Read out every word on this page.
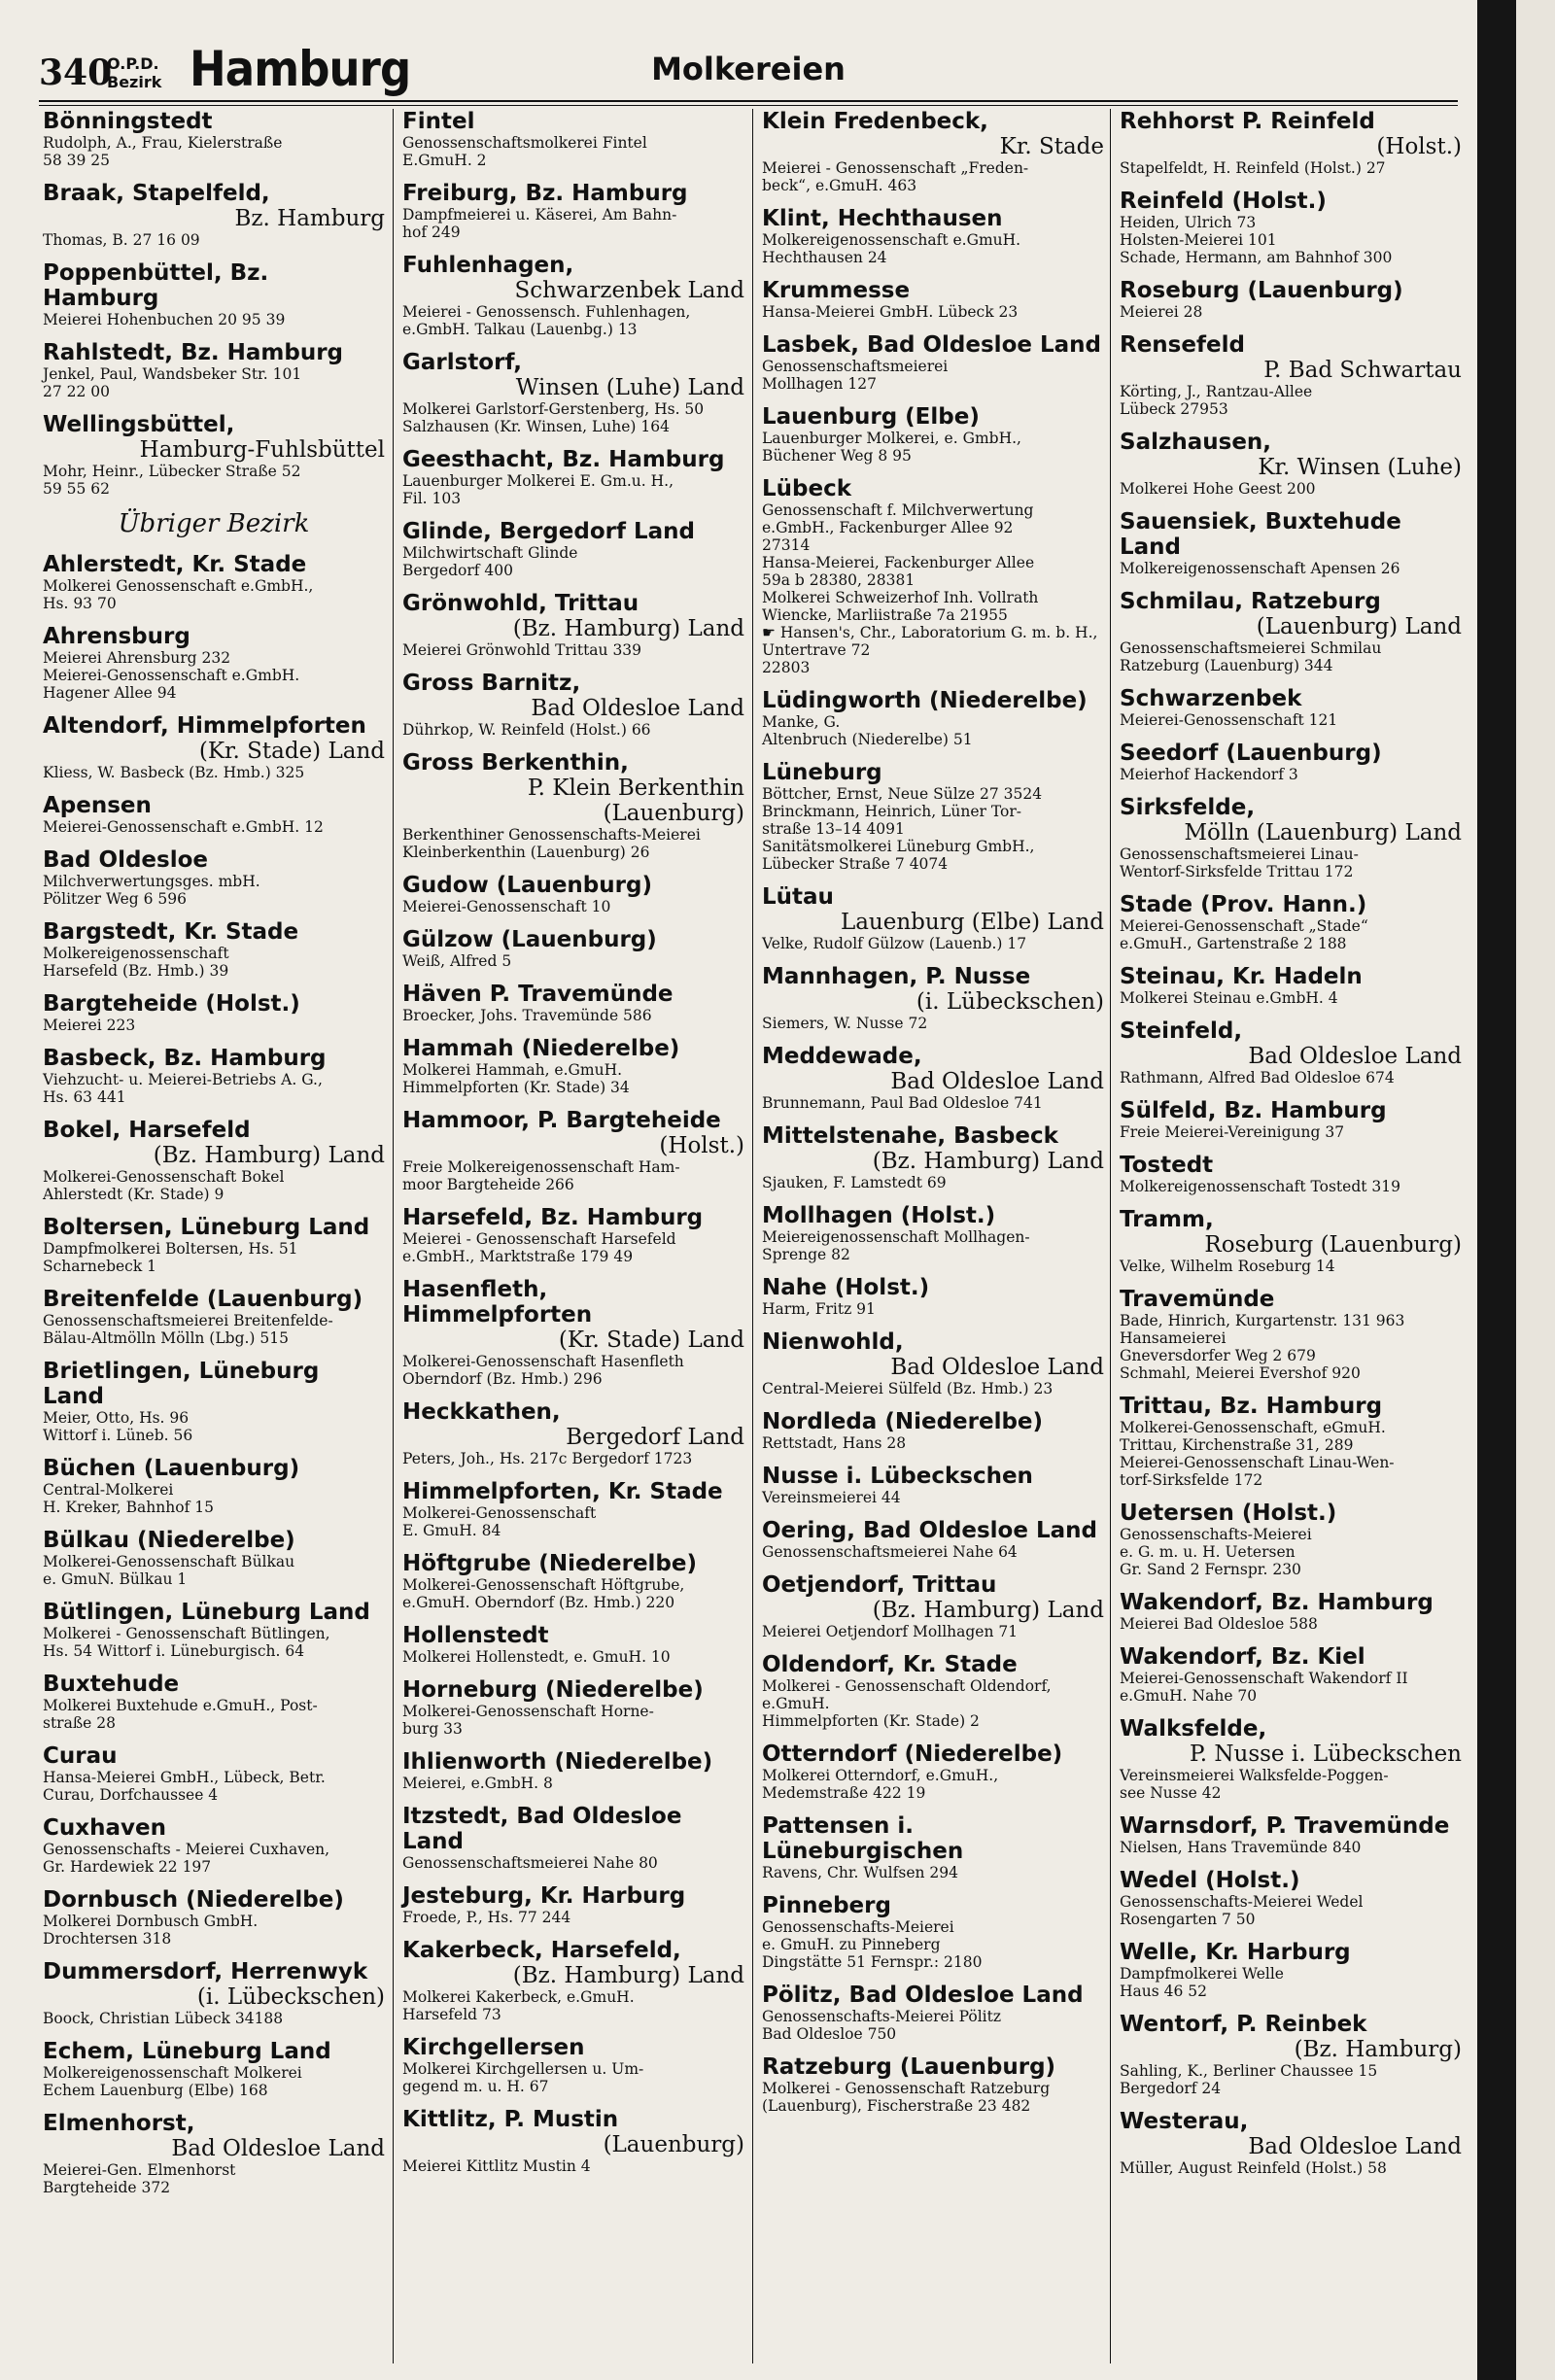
340
O.P.D.
Bezirk Hamburg	Molkereien
Bönningstedt
Rudolph, A., Frau, Kielerstraße
58 39 25
Braak, Stapelfeld,
Bz. Hamburg
Thomas, B. 27 16 09
Poppenbüttel, Bz. Hamburg
Meierei Hohenbuchen 20 95 39
Rahlstedt, Bz. Hamburg
Jenkel, Paul, Wandsbeker Str. 101
27 22 00
Wellingsbüttel,
Hamburg-Fuhlsbüttel
Mohr, Heinr., Lübecker Straße 52
59 55 62
Übriger Bezirk
Ahlerstedt, Kr. Stade
Molkerei Genossenschaft e.GmbH.,
Hs. 93 70
Ahrensburg
Meierei Ahrensburg 232
Meierei-Genossenschaft e.GmbH.
Hagener Allee 94
Altendorf, Himmelpforten
(Kr. Stade) Land
Kliess, W. Basbeck (Bz. Hmb.) 325
Apensen
Meierei-Genossenschaft e.GmbH. 12
Bad Oldesloe
Milchverwertungsges. mbH.
Pölitzer Weg 6 596
Bargstedt, Kr. Stade
Molkereigenossenschaft
Harsefeld (Bz. Hmb.) 39
Bargteheide (Holst.)
Meierei 223
Basbeck, Bz. Hamburg
Viehzucht- u. Meierei-Betriebs A. G.,
Hs. 63 441
Bokel, Harsefeld
(Bz. Hamburg) Land
Molkerei-Genossenschaft Bokel
Ahlerstedt (Kr. Stade) 9
Boltersen, Lüneburg Land
Dampfmolkerei Boltersen, Hs. 51
Scharnebeck 1
Breitenfelde (Lauenburg)
Genossenschaftsmeierei Breitenfelde-
Bälau-Altmölln Mölln (Lbg.) 515
Brietlingen, Lüneburg Land
Meier, Otto, Hs. 96
Wittorf i. Lüneb. 56
Büchen (Lauenburg)
Central-Molkerei
H. Kreker, Bahnhof 15
Bülkau (Niederelbe)
Molkerei-Genossenschaft Bülkau
e. GmuN. Bülkau 1
Bütlingen, Lüneburg Land
Molkerei - Genossenschaft Bütlingen,
Hs. 54 Wittorf i. Lüneburgisch. 64
Buxtehude
Molkerei Buxtehude e.GmuH., Post-
straße 28
Curau
Hansa-Meierei GmbH., Lübeck, Betr.
Curau, Dorfchaussee 4
Cuxhaven
Genossenschafts - Meierei Cuxhaven,
Gr. Hardewiek 22 197
Dornbusch (Niederelbe)
Molkerei Dornbusch GmbH.
Drochtersen 318
Dummersdorf, Herrenwyk
(i. Lübeckschen)
Boock, Christian Lübeck 34188
Echem, Lüneburg Land
Molkereigenossenschaft Molkerei
Echem Lauenburg (Elbe) 168
Elmenhorst,
Bad Oldesloe Land
Meierei-Gen. Elmenhorst
Bargteheide 372
Fintel
Genossenschaftsmolkerei Fintel
E.GmuH. 2
Freiburg, Bz. Hamburg
Dampfmeierei u. Käserei, Am Bahn-
hof 249
Fuhlenhagen,
Schwarzenbek Land
Meierei - Genossensch. Fuhlenhagen,
e.GmbH. Talkau (Lauenbg.) 13
Garlstorf,
Winsen (Luhe) Land
Molkerei Garlstorf-Gerstenberg, Hs. 50
Salzhausen (Kr. Winsen, Luhe) 164
Geesthacht, Bz. Hamburg
Lauenburger Molkerei E. Gm.u. H.,
Fil. 103
Glinde, Bergedorf Land
Milchwirtschaft Glinde
Bergedorf 400
Grönwohld, Trittau
(Bz. Hamburg) Land
Meierei Grönwohld Trittau 339
Gross Barnitz,
Bad Oldesloe Land
Dührkop, W. Reinfeld (Holst.) 66
Gross Berkenthin,
P. Klein Berkenthin (Lauenburg)
Berkenthiner Genossenschafts-Meierei
Kleinberkenthin (Lauenburg) 26
Gudow (Lauenburg)
Meierei-Genossenschaft 10
Gülzow (Lauenburg)
Weiß, Alfred 5
Häven P. Travemünde
Broecker, Johs. Travemünde 586
Hammah (Niederelbe)
Molkerei Hammah, e.GmuH.
Himmelpforten (Kr. Stade) 34
Hammoor, P. Bargteheide
(Holst.)
Freie Molkereigenossenschaft Ham-
moor Bargteheide 266
Harsefeld, Bz. Hamburg
Meierei - Genossenschaft Harsefeld
e.GmbH., Marktstraße 179 49
Hasenfleth, Himmelpforten
(Kr. Stade) Land
Molkerei-Genossenschaft Hasenfleth
Oberndorf (Bz. Hmb.) 296
Heckkathen,
Bergedorf Land
Peters, Joh., Hs. 217c Bergedorf 1723
Himmelpforten, Kr. Stade
Molkerei-Genossenschaft
E. GmuH. 84
Höftgrube (Niederelbe)
Molkerei-Genossenschaft Höftgrube,
e.GmuH. Oberndorf (Bz. Hmb.) 220
Hollenstedt
Molkerei Hollenstedt, e. GmuH. 10
Horneburg (Niederelbe)
Molkerei-Genossenschaft Horne-
burg 33
Ihlienworth (Niederelbe)
Meierei, e.GmbH. 8
Itzstedt, Bad Oldesloe Land
Genossenschaftsmeierei Nahe 80
Jesteburg, Kr. Harburg
Froede, P., Hs. 77 244
Kakerbeck, Harsefeld,
(Bz. Hamburg) Land
Molkerei Kakerbeck, e.GmuH.
Harsefeld 73
Kirchgellersen
Molkerei Kirchgellersen u. Um-
gegend m. u. H. 67
Kittlitz, P. Mustin
(Lauenburg)
Meierei Kittlitz Mustin 4
Klein Fredenbeck,
Kr. Stade
Meierei - Genossenschaft „Freden-
beck“, e.GmuH. 463
Klint, Hechthausen
Molkereigenossenschaft e.GmuH.
Hechthausen 24
Krummesse
Hansa-Meierei GmbH. Lübeck 23
Lasbek, Bad Oldesloe Land
Genossenschaftsmeierei
Mollhagen 127
Lauenburg (Elbe)
Lauenburger Molkerei, e. GmbH.,
Büchener Weg 8 95
Lübeck
Genossenschaft f. Milchverwertung
e.GmbH., Fackenburger Allee 92
27314
Hansa-Meierei, Fackenburger Allee
59a b 28380, 28381
Molkerei Schweizerhof Inh. Vollrath
Wiencke, Marliistraße 7a 21955
☛ Hansen's, Chr., Laboratorium G. m. b. H., Untertrave 72
22803
Lüdingworth (Niederelbe)
Manke, G.
Altenbruch (Niederelbe) 51
Lüneburg
Böttcher, Ernst, Neue Sülze 27 3524
Brinckmann, Heinrich, Lüner Tor-
straße 13–14 4091
Sanitätsmolkerei Lüneburg GmbH.,
Lübecker Straße 7 4074
Lütau
Lauenburg (Elbe) Land
Velke, Rudolf Gülzow (Lauenb.) 17
Mannhagen, P. Nusse
(i. Lübeckschen)
Siemers, W. Nusse 72
Meddewade,
Bad Oldesloe Land
Brunnemann, Paul Bad Oldesloe 741
Mittelstenahe, Basbeck
(Bz. Hamburg) Land
Sjauken, F. Lamstedt 69
Mollhagen (Holst.)
Meiereigenossenschaft Mollhagen-
Sprenge 82
Nahe (Holst.)
Harm, Fritz 91
Nienwohld,
Bad Oldesloe Land
Central-Meierei Sülfeld (Bz. Hmb.) 23
Nordleda (Niederelbe)
Rettstadt, Hans 28
Nusse i. Lübeckschen
Vereinsmeierei 44
Oering, Bad Oldesloe Land
Genossenschaftsmeierei Nahe 64
Oetjendorf, Trittau
(Bz. Hamburg) Land
Meierei Oetjendorf Mollhagen 71
Oldendorf, Kr. Stade
Molkerei - Genossenschaft Oldendorf,
e.GmuH.
Himmelpforten (Kr. Stade) 2
Otterndorf (Niederelbe)
Molkerei Otterndorf, e.GmuH.,
Medemstraße 422 19
Pattensen i. Lüneburgischen
Ravens, Chr. Wulfsen 294
Pinneberg
Genossenschafts-Meierei
e. GmuH. zu Pinneberg
Dingstätte 51 Fernspr.: 2180
Pölitz, Bad Oldesloe Land
Genossenschafts-Meierei Pölitz
Bad Oldesloe 750
Ratzeburg (Lauenburg)
Molkerei - Genossenschaft Ratzeburg
(Lauenburg), Fischerstraße 23 482
Rehhorst P. Reinfeld
(Holst.)
Stapelfeldt, H. Reinfeld (Holst.) 27
Reinfeld (Holst.)
Heiden, Ulrich 73
Holsten-Meierei 101
Schade, Hermann, am Bahnhof 300
Roseburg (Lauenburg)
Meierei 28
Rensefeld
P. Bad Schwartau
Körting, J., Rantzau-Allee
Lübeck 27953
Salzhausen,
Kr. Winsen (Luhe)
Molkerei Hohe Geest 200
Sauensiek, Buxtehude Land
Molkereigenossenschaft Apensen 26
Schmilau, Ratzeburg
(Lauenburg) Land
Genossenschaftsmeierei Schmilau
Ratzeburg (Lauenburg) 344
Schwarzenbek
Meierei-Genossenschaft 121
Seedorf (Lauenburg)
Meierhof Hackendorf 3
Sirksfelde,
Mölln (Lauenburg) Land
Genossenschaftsmeierei Linau-
Wentorf-Sirksfelde Trittau 172
Stade (Prov. Hann.)
Meierei-Genossenschaft „Stade“
e.GmuH., Gartenstraße 2 188
Steinau, Kr. Hadeln
Molkerei Steinau e.GmbH. 4
Steinfeld,
Bad Oldesloe Land
Rathmann, Alfred Bad Oldesloe 674
Sülfeld, Bz. Hamburg
Freie Meierei-Vereinigung 37
Tostedt
Molkereigenossenschaft Tostedt 319
Tramm,
Roseburg (Lauenburg)
Velke, Wilhelm Roseburg 14
Travemünde
Bade, Hinrich, Kurgartenstr. 131 963
Hansameierei
Gneversdorfer Weg 2 679
Schmahl, Meierei Evershof 920
Trittau, Bz. Hamburg
Molkerei-Genossenschaft, eGmuH.
Trittau, Kirchenstraße 31, 289
Meierei-Genossenschaft Linau-Wen-
torf-Sirksfelde 172
Uetersen (Holst.)
Genossenschafts-Meierei
e. G. m. u. H. Uetersen
Gr. Sand 2 Fernspr. 230
Wakendorf, Bz. Hamburg
Meierei Bad Oldesloe 588
Wakendorf, Bz. Kiel
Meierei-Genossenschaft Wakendorf II
e.GmuH. Nahe 70
Walksfelde,
P. Nusse i. Lübeckschen
Vereinsmeierei Walksfelde-Poggen-
see Nusse 42
Warnsdorf, P. Travemünde
Nielsen, Hans Travemünde 840
Wedel (Holst.)
Genossenschafts-Meierei Wedel
Rosengarten 7 50
Welle, Kr. Harburg
Dampfmolkerei Welle
Haus 46 52
Wentorf, P. Reinbek
(Bz. Hamburg)
Sahling, K., Berliner Chaussee 15
Bergedorf 24
Westerau,
Bad Oldesloe Land
Müller, August Reinfeld (Holst.) 58
